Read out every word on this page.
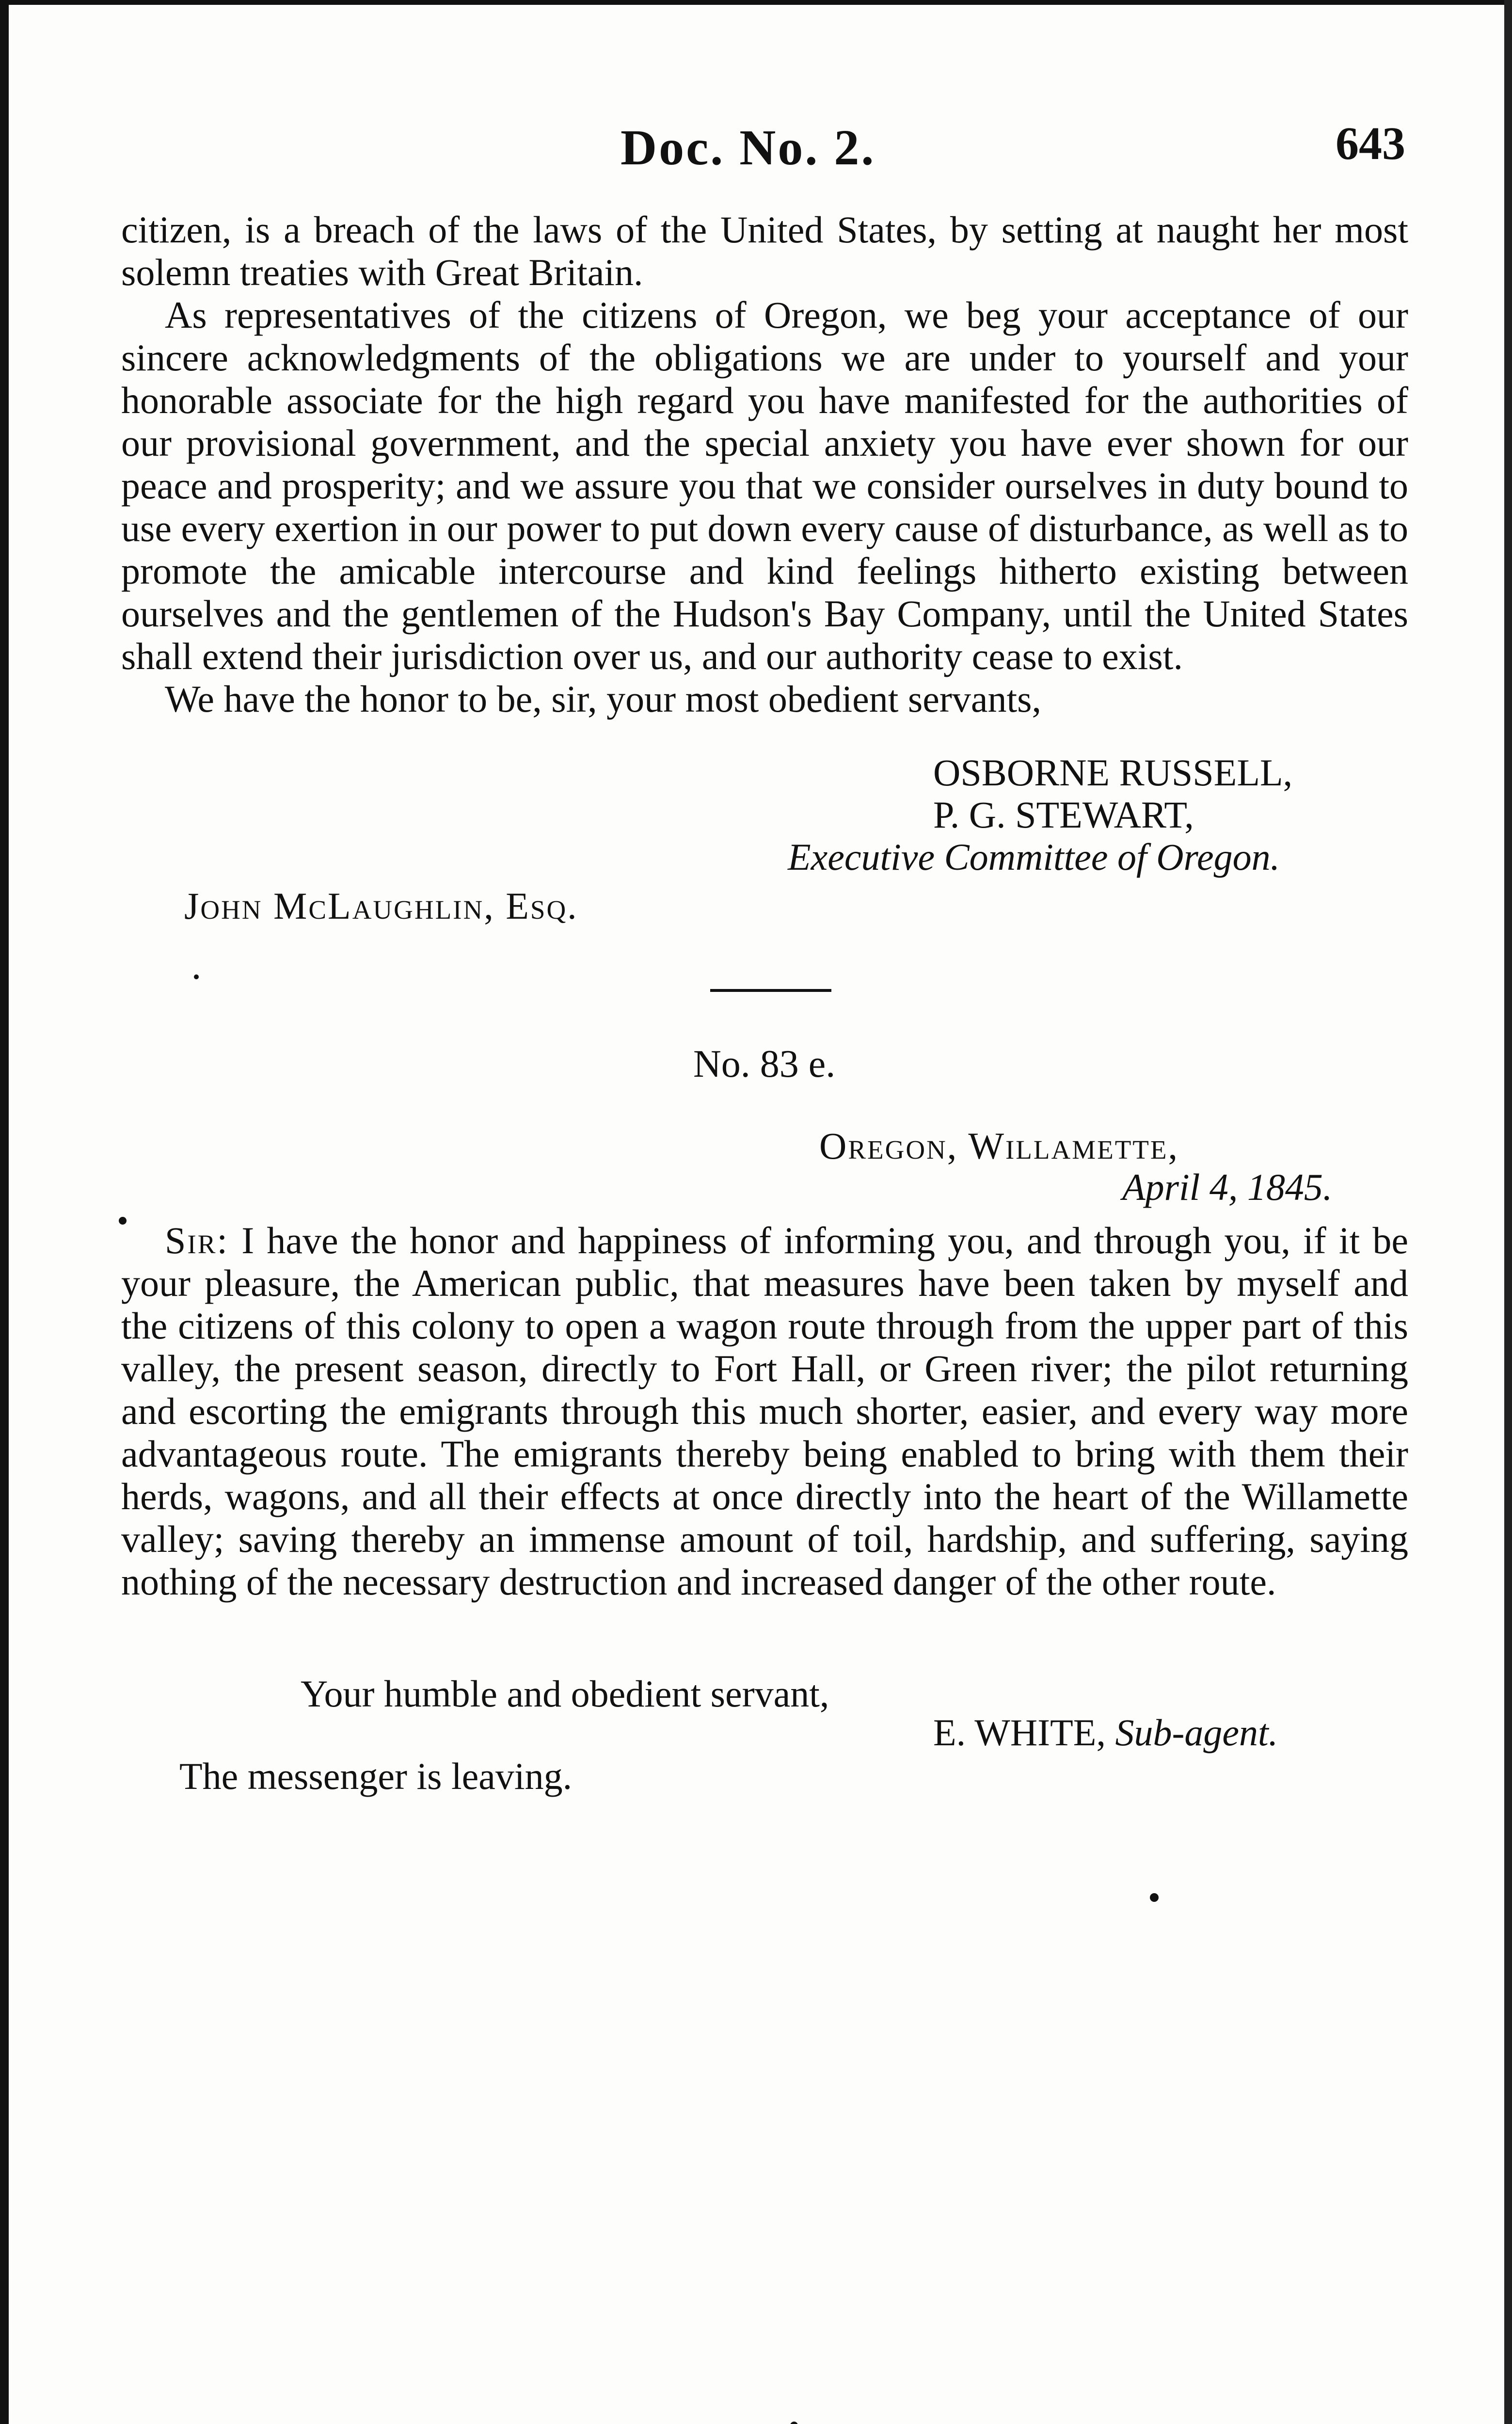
Doc. No. 2.	643

citizen, is a breach of the laws of the United States, by setting at naught her most solemn treaties with Great Britain.

As representatives of the citizens of Oregon, we beg your acceptance of our sincere acknowledgments of the obligations we are under to yourself and your honorable associate for the high regard you have manifested for the authorities of our provisional government, and the special anxiety you have ever shown for our peace and prosperity; and we assure you that we consider ourselves in duty bound to use every exertion in our power to put down every cause of disturbance, as well as to promote the amicable intercourse and kind feelings hitherto existing between ourselves and the gentlemen of the Hudson's Bay Company, until the United States shall extend their jurisdiction over us, and our authority cease to exist.

We have the honor to be, sir, your most obedient servants,

OSBORNE RUSSELL,
P. G. STEWART,
Executive Committee of Oregon.
John McLaughlin, Esq.
No. 83 e.
Oregon, Willamette,
April 4, 1845.

Sir: I have the honor and happiness of informing you, and through you, if it be your pleasure, the American public, that measures have been taken by myself and the citizens of this colony to open a wagon route through from the upper part of this valley, the present season, directly to Fort Hall, or Green river; the pilot returning and escorting the emigrants through this much shorter, easier, and every way more advantageous route. The emigrants thereby being enabled to bring with them their herds, wagons, and all their effects at once directly into the heart of the Willamette valley; saving thereby an immense amount of toil, hardship, and suffering, saying nothing of the necessary destruction and increased danger of the other route.

Your humble and obedient servant,
E. WHITE, Sub-agent.
The messenger is leaving.
